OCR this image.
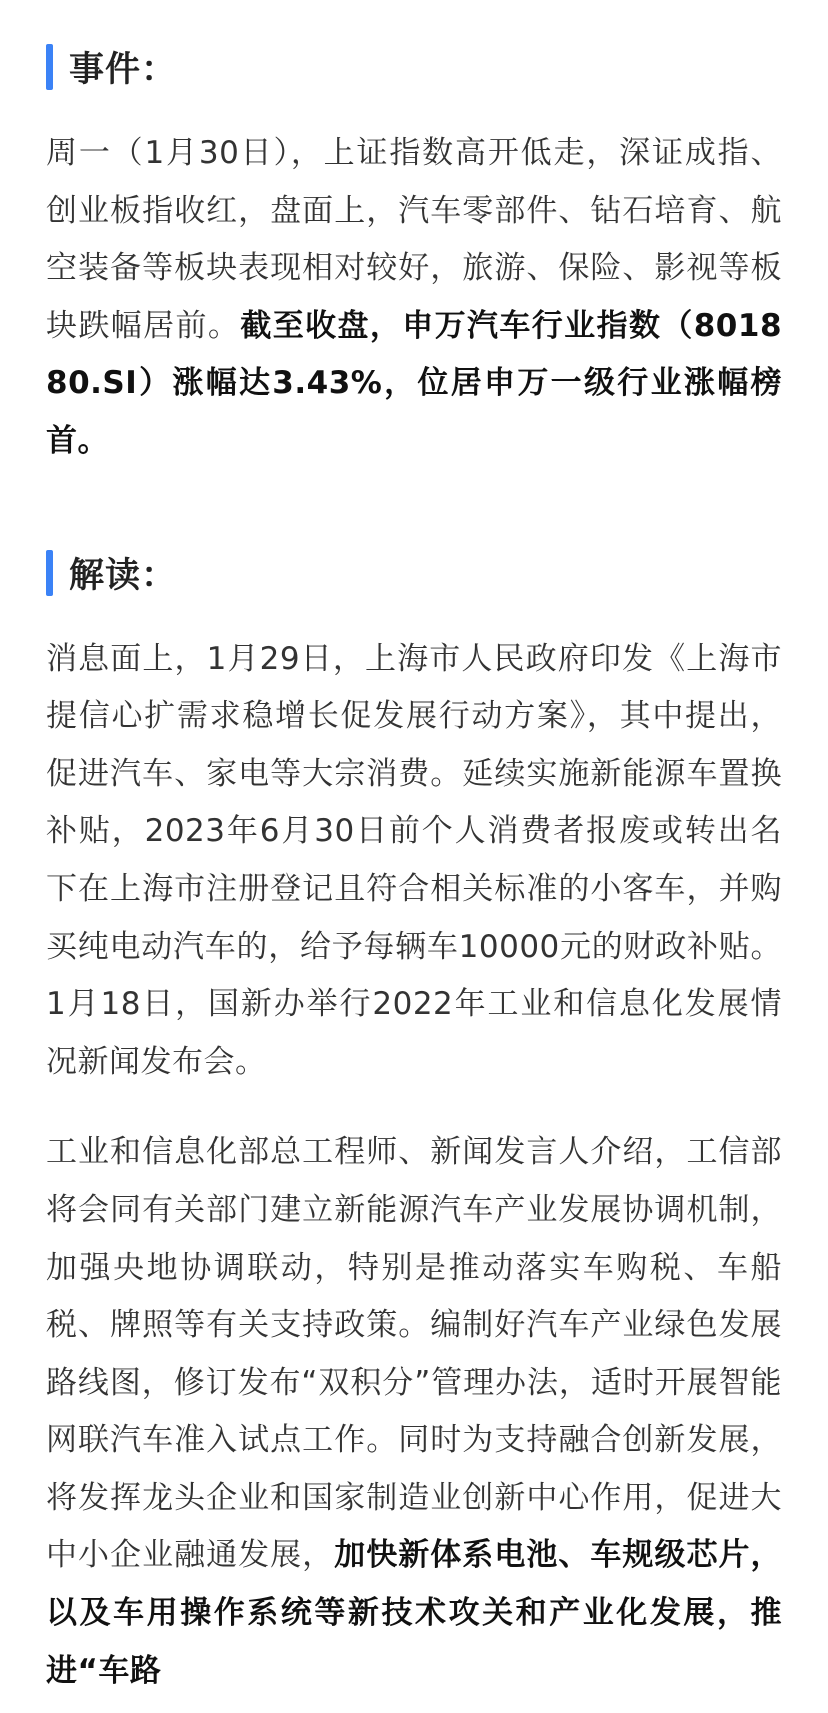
事件：

周一（1月30日），上证指数高开低走，深证成指、创业板指收红，盘面上，汽车零部件、钻石培育、航空装备等板块表现相对较好，旅游、保险、影视等板块跌幅居前。截至收盘，申万汽车行业指数（801880.SI）涨幅达3.43%，位居申万一级行业涨幅榜首。

解读：

消息面上，1月29日，上海市人民政府印发《上海市提信心扩需求稳增长促发展行动方案》，其中提出，促进汽车、家电等大宗消费。延续实施新能源车置换补贴，2023年6月30日前个人消费者报废或转出名下在上海市注册登记且符合相关标准的小客车，并购买纯电动汽车的，给予每辆车10000元的财政补贴。1月18日，国新办举行2022年工业和信息化发展情况新闻发布会。

工业和信息化部总工程师、新闻发言人介绍，工信部将会同有关部门建立新能源汽车产业发展协调机制，加强央地协调联动，特别是推动落实车购税、车船税、牌照等有关支持政策。编制好汽车产业绿色发展路线图，修订发布“双积分”管理办法，适时开展智能网联汽车准入试点工作。同时为支持融合创新发展，将发挥龙头企业和国家制造业创新中心作用，促进大中小企业融通发展，加快新体系电池、车规级芯片，以及车用操作系统等新技术攻关和产业化发展，推进“车路
